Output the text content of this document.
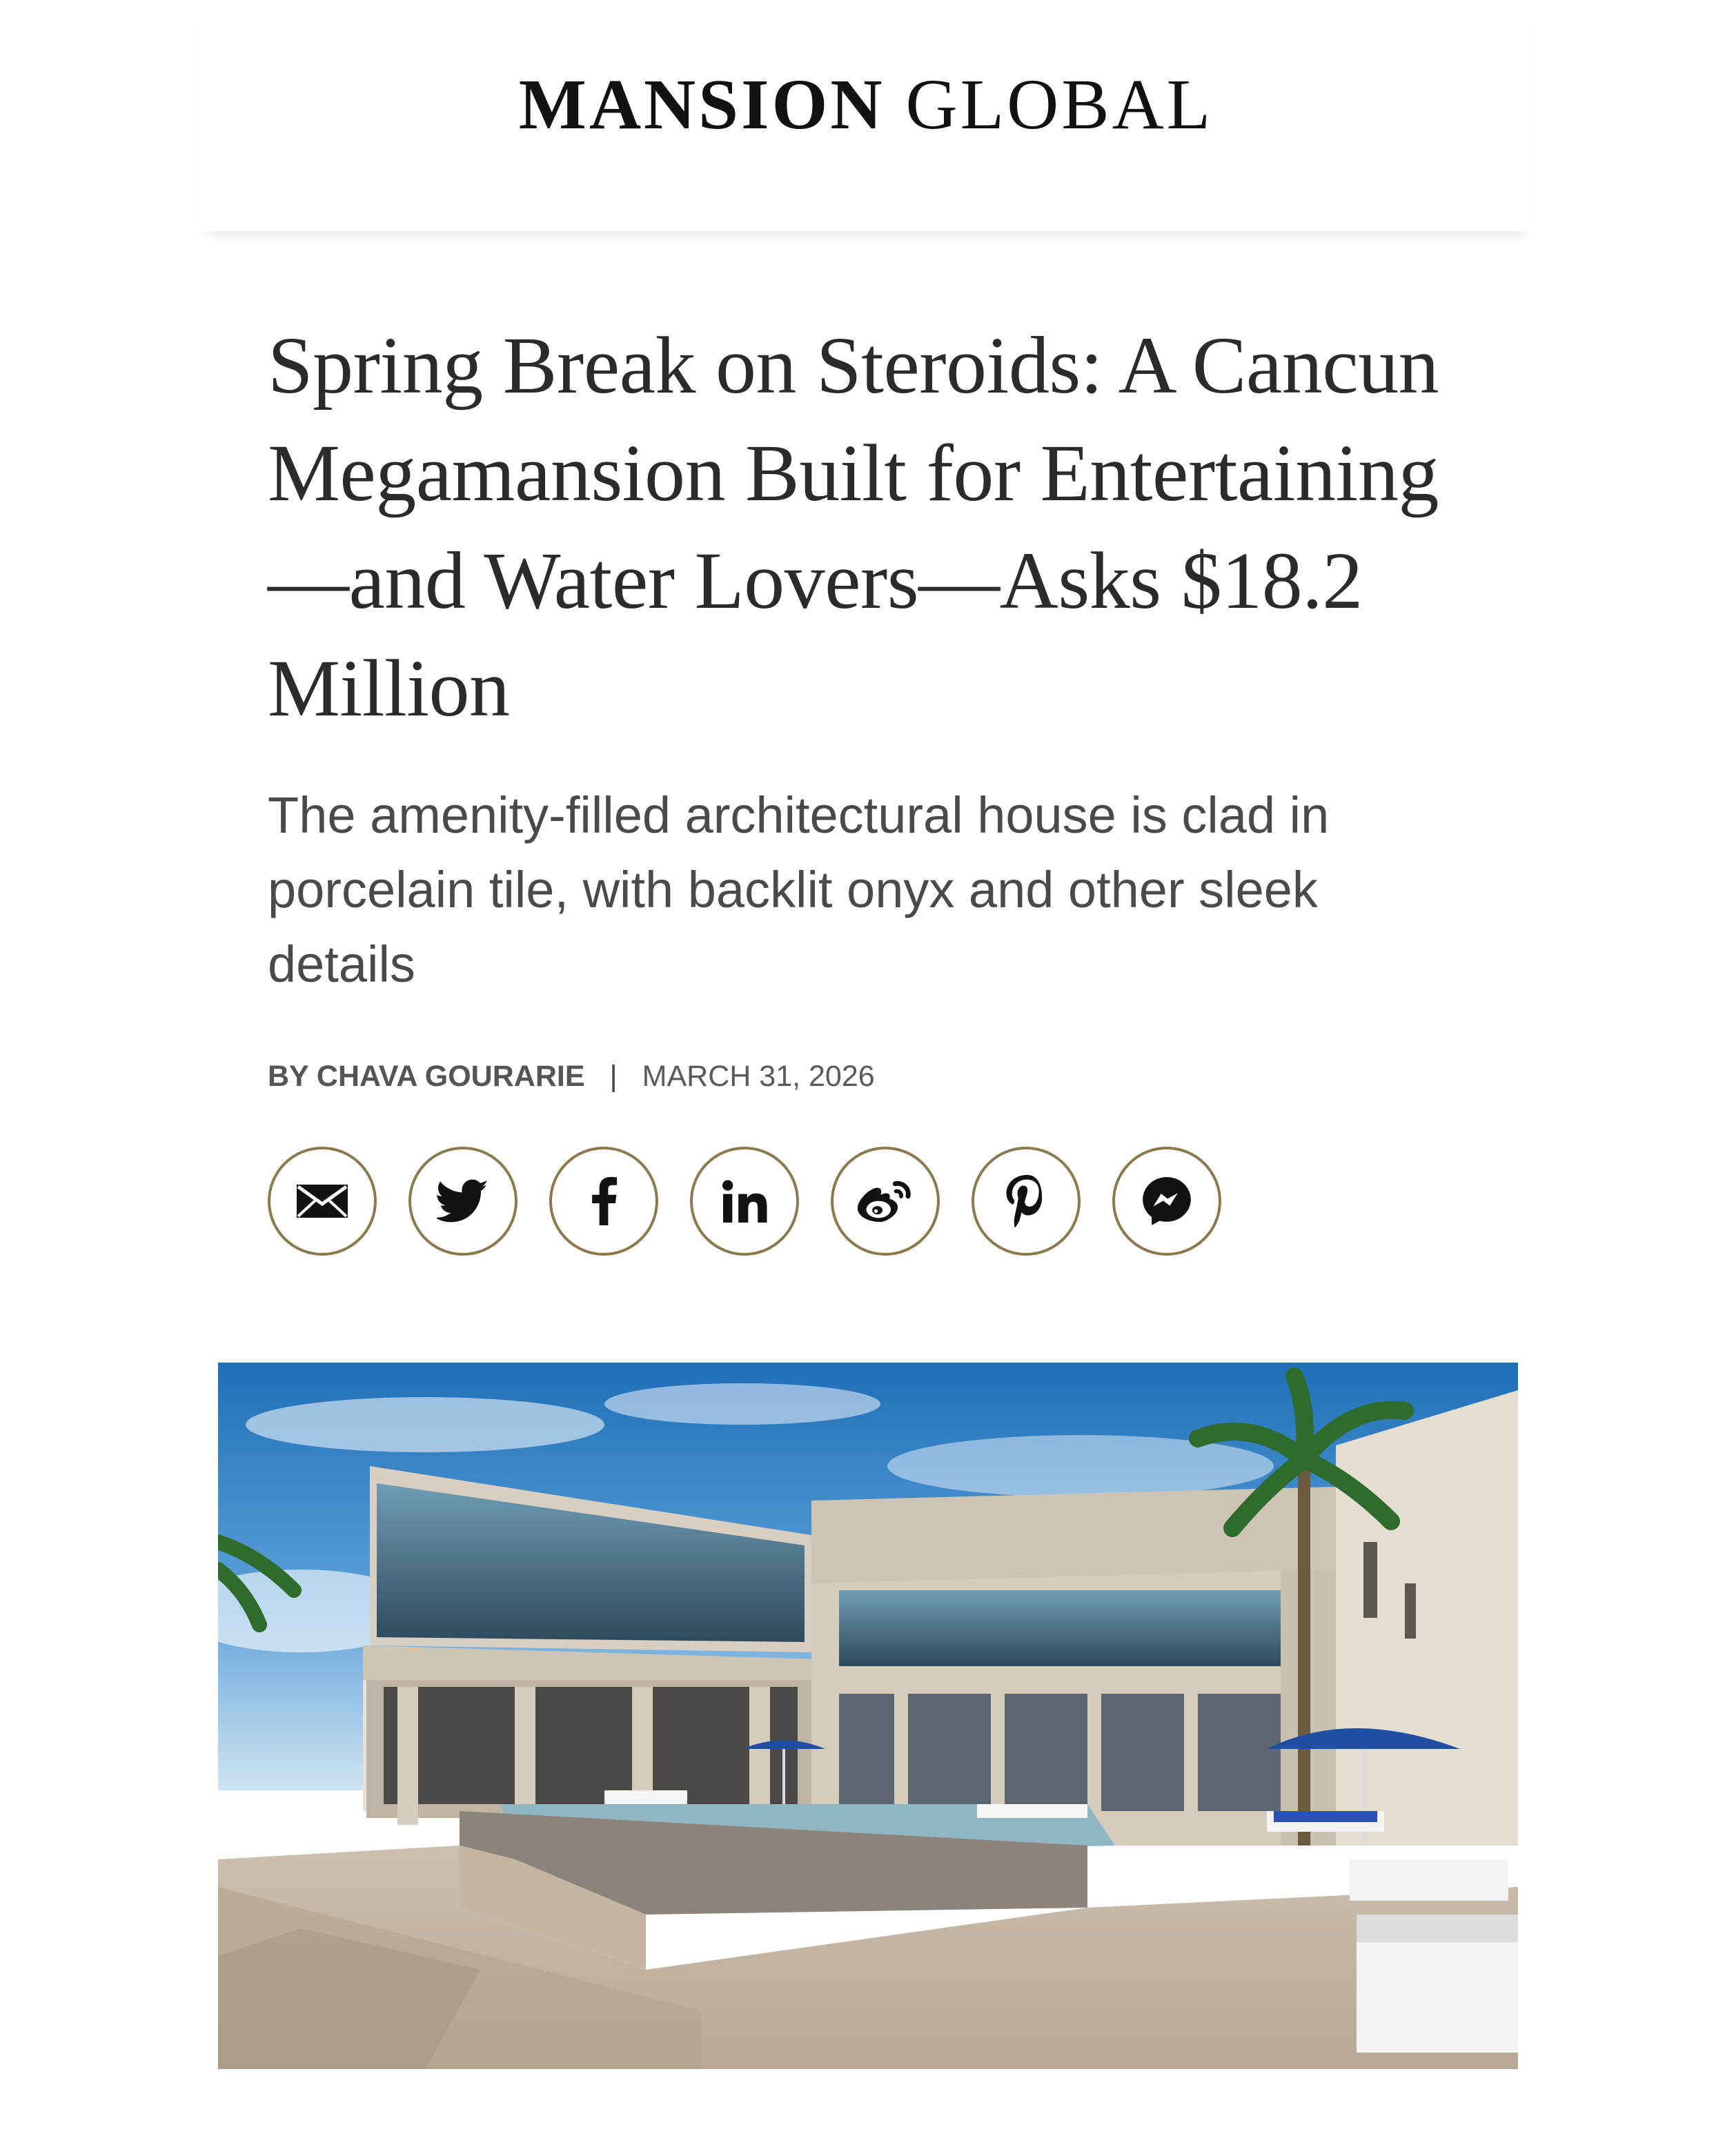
MANSION GLOBAL
Spring Break on Steroids: A Cancun Megamansion Built for Entertaining—and Water Lovers—Asks $18.2 Million

The amenity-filled architectural house is clad in porcelain tile, with backlit onyx and other sleek details

BY CHAVA GOURARIE | MARCH 31, 2026
